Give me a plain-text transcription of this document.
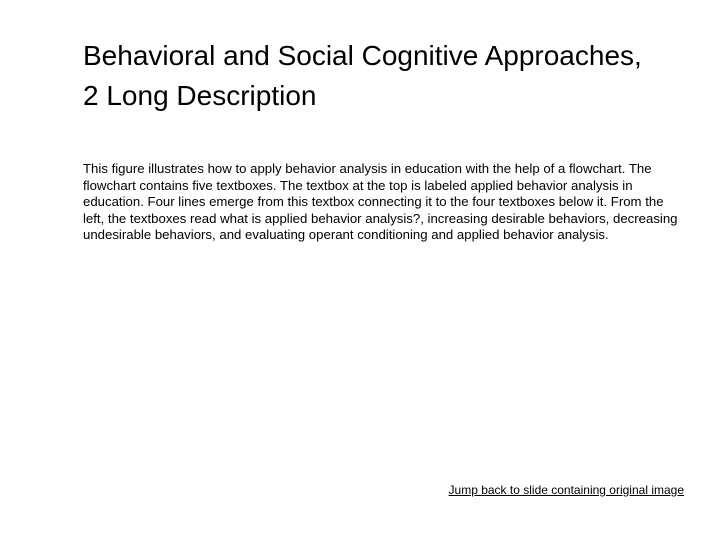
Behavioral and Social Cognitive Approaches, 2 Long Description

This figure illustrates how to apply behavior analysis in education with the help of a flowchart. The flowchart contains five textboxes. The textbox at the top is labeled applied behavior analysis in education. Four lines emerge from this textbox connecting it to the four textboxes below it. From the left, the textboxes read what is applied behavior analysis?, increasing desirable behaviors, decreasing undesirable behaviors, and evaluating operant conditioning and applied behavior analysis.

Jump back to slide containing original image
